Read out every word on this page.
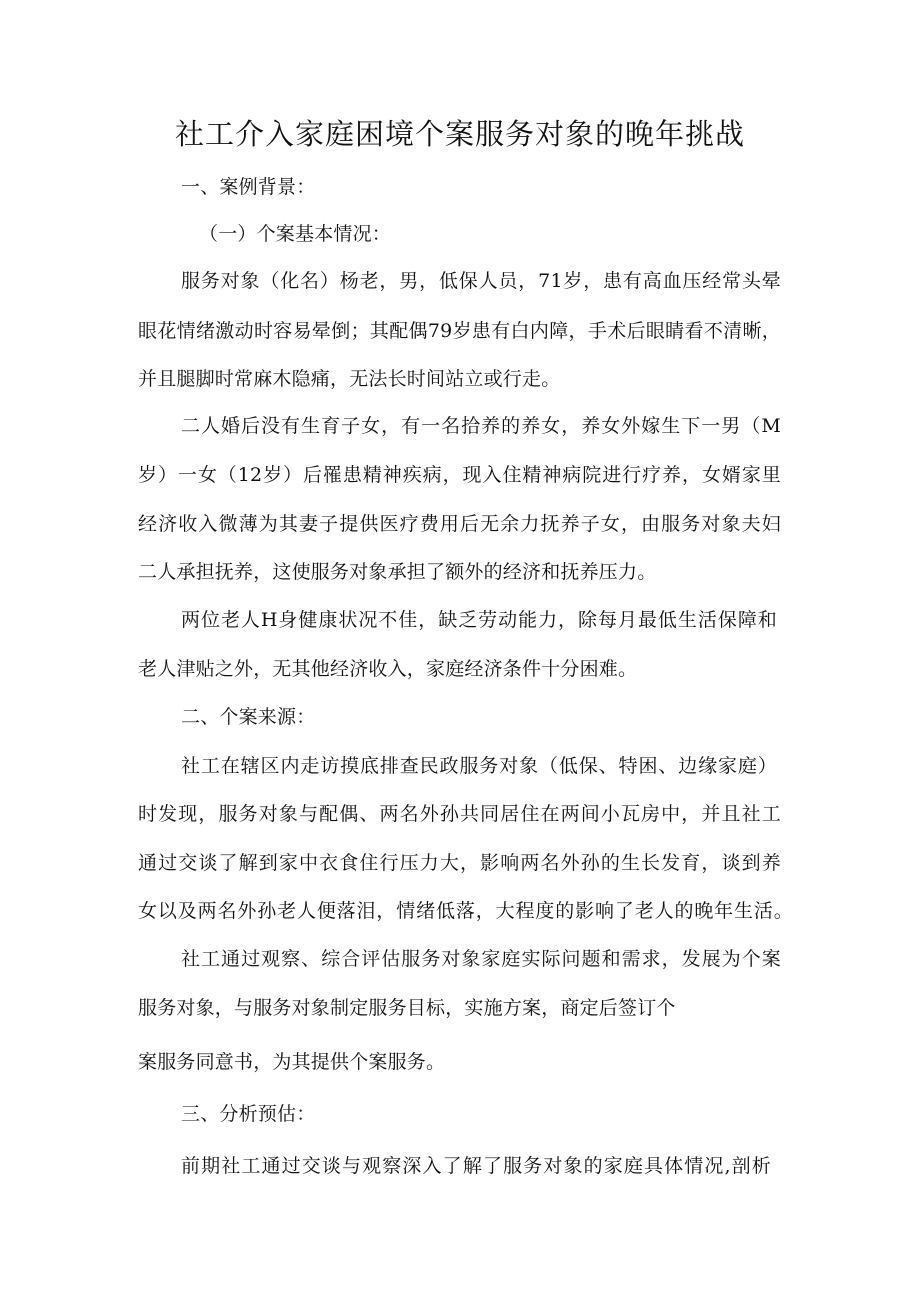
社工介入家庭困境个案服务对象的晚年挑战
一、案例背景：
（一）个案基本情况：
服务对象（化名）杨老，男，低保人员，71岁，患有高血压经常头晕
眼花情绪激动时容易晕倒；其配偶79岁患有白内障，手术后眼睛看不清晰，
并且腿脚时常麻木隐痛，无法长时间站立或行走。
二人婚后没有生育子女，有一名拾养的养女，养女外嫁生下一男（M
岁）一女（12岁）后罹患精神疾病，现入住精神病院进行疗养，女婿家里
经济收入微薄为其妻子提供医疗费用后无余力抚养子女，由服务对象夫妇
二人承担抚养，这使服务对象承担了额外的经济和抚养压力。
两位老人H身健康状况不佳，缺乏劳动能力，除每月最低生活保障和
老人津贴之外，无其他经济收入，家庭经济条件十分困难。
二、个案来源：
社工在辖区内走访摸底排查民政服务对象（低保、特困、边缘家庭）
时发现，服务对象与配偶、两名外孙共同居住在两间小瓦房中，并且社工
通过交谈了解到家中衣食住行压力大，影响两名外孙的生长发育，谈到养
女以及两名外孙老人便落泪，情绪低落，大程度的影响了老人的晚年生活。
社工通过观察、综合评估服务对象家庭实际问题和需求，发展为个案
服务对象，与服务对象制定服务目标，实施方案，商定后签订个
案服务同意书，为其提供个案服务。
三、分析预估：
前期社工通过交谈与观察深入了解了服务对象的家庭具体情况,剖析
